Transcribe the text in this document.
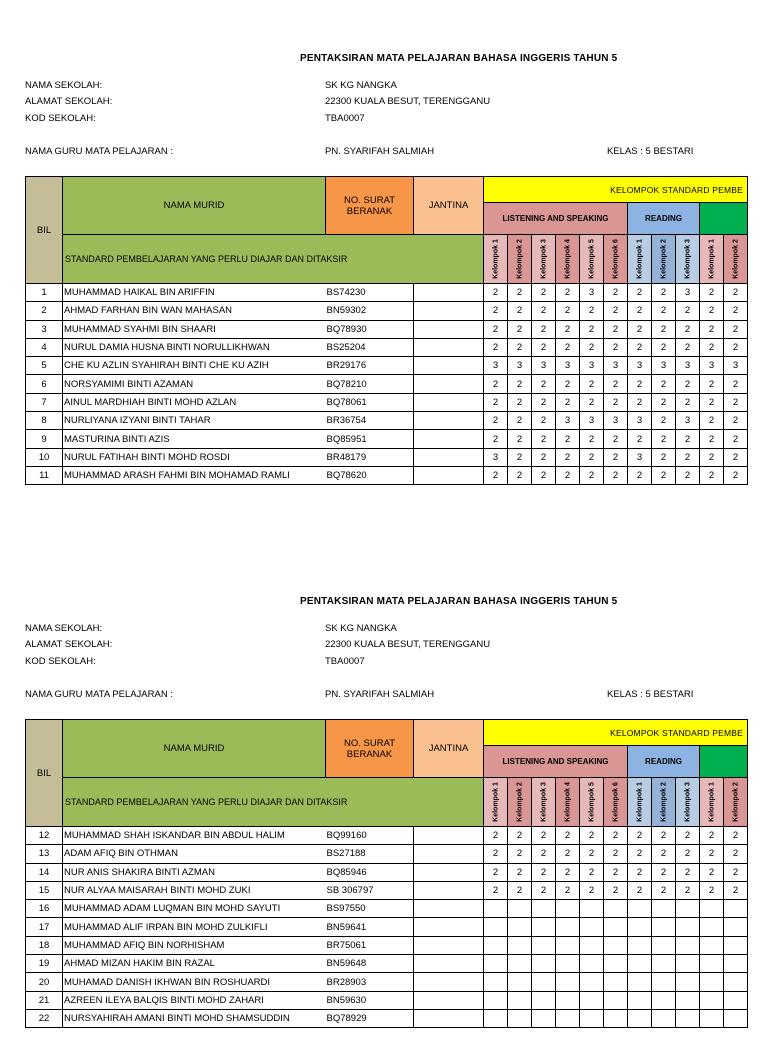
PENTAKSIRAN MATA PELAJARAN BAHASA INGGERIS TAHUN 5
NAMA SEKOLAH:	SK KG NANGKA
ALAMAT SEKOLAH:	22300 KUALA BESUT, TERENGGANU
KOD SEKOLAH:	TBA0007
NAMA GURU MATA PELAJARAN :	PN. SYARIFAH SALMIAH	KELAS : 5 BESTARI
BIL	NAMA MURID	NO. SURAT BERANAK	JANTINA	KELOMPOK STANDARD PEMBE										
				LISTENING AND SPEAKING						READING				
	STANDARD PEMBELAJARAN YANG PERLU DIAJAR DAN DITAKSIR			Kelompok 1	Kelompok 2	Kelompok 3	Kelompok 4	Kelompok 5	Kelompok 6	Kelompok 1	Kelompok 2	Kelompok 3	Kelompok 1	Kelompok 2

1	MUHAMMAD HAIKAL BIN ARIFFIN	BS74230		2	2	2	2	3	2	2	2	3	2	2
2	AHMAD FARHAN BIN WAN MAHASAN	BN59302		2	2	2	2	2	2	2	2	2	2	2
3	MUHAMMAD SYAHMI BIN SHAARI	BQ78930		2	2	2	2	2	2	2	2	2	2	2
4	NURUL DAMIA HUSNA BINTI NORULLIKHWAN	BS25204		2	2	2	2	2	2	2	2	2	2	2
5	CHE KU AZLIN SYAHIRAH BINTI CHE KU AZIH	BR29176		3	3	3	3	3	3	3	3	3	3	3
6	NORSYAMIMI BINTI AZAMAN	BQ78210		2	2	2	2	2	2	2	2	2	2	2
7	AINUL MARDHIAH BINTI MOHD AZLAN	BQ78061		2	2	2	2	2	2	2	2	2	2	2
8	NURLIYANA IZYANI BINTI TAHAR	BR36754		2	2	2	3	3	3	3	2	3	2	2
9	MASTURINA BINTI AZIS	BQ85951		2	2	2	2	2	2	2	2	2	2	2
10	NURUL FATIHAH BINTI MOHD ROSDI	BR48179		3	2	2	2	2	2	3	2	2	2	2
11	MUHAMMAD ARASH FAHMI BIN MOHAMAD RAMLI	BQ78620		2	2	2	2	2	2	2	2	2	2	2
PENTAKSIRAN MATA PELAJARAN BAHASA INGGERIS TAHUN 5
NAMA SEKOLAH:	SK KG NANGKA
ALAMAT SEKOLAH:	22300 KUALA BESUT, TERENGGANU
KOD SEKOLAH:	TBA0007
NAMA GURU MATA PELAJARAN :	PN. SYARIFAH SALMIAH	KELAS : 5 BESTARI
BIL	NAMA MURID	NO. SURAT BERANAK	JANTINA	KELOMPOK STANDARD PEMBE										
				LISTENING AND SPEAKING						READING				
	STANDARD PEMBELAJARAN YANG PERLU DIAJAR DAN DITAKSIR			Kelompok 1	Kelompok 2	Kelompok 3	Kelompok 4	Kelompok 5	Kelompok 6	Kelompok 1	Kelompok 2	Kelompok 3	Kelompok 1	Kelompok 2

12	MUHAMMAD SHAH ISKANDAR BIN ABDUL HALIM	BQ99160		2	2	2	2	2	2	2	2	2	2	2
13	ADAM AFIQ BIN OTHMAN	BS27188		2	2	2	2	2	2	2	2	2	2	2
14	NUR ANIS SHAKIRA BINTI AZMAN	BQ85946		2	2	2	2	2	2	2	2	2	2	2
15	NUR ALYAA MAISARAH BINTI MOHD ZUKI	SB 306797		2	2	2	2	2	2	2	2	2	2	2
16	MUHAMMAD ADAM LUQMAN BIN MOHD SAYUTI	BS97550												
17	MUHAMMAD ALIF IRPAN BIN MOHD ZULKIFLI	BN59641												
18	MUHAMMAD AFIQ BIN NORHISHAM	BR75061												
19	AHMAD MIZAN HAKIM BIN RAZAL	BN59648												
20	MUHAMAD DANISH IKHWAN BIN ROSHUARDI	BR28903												
21	AZREEN ILEYA BALQIS BINTI MOHD ZAHARI	BN59630												
22	NURSYAHIRAH AMANI BINTI MOHD SHAMSUDDIN	BQ78929												
